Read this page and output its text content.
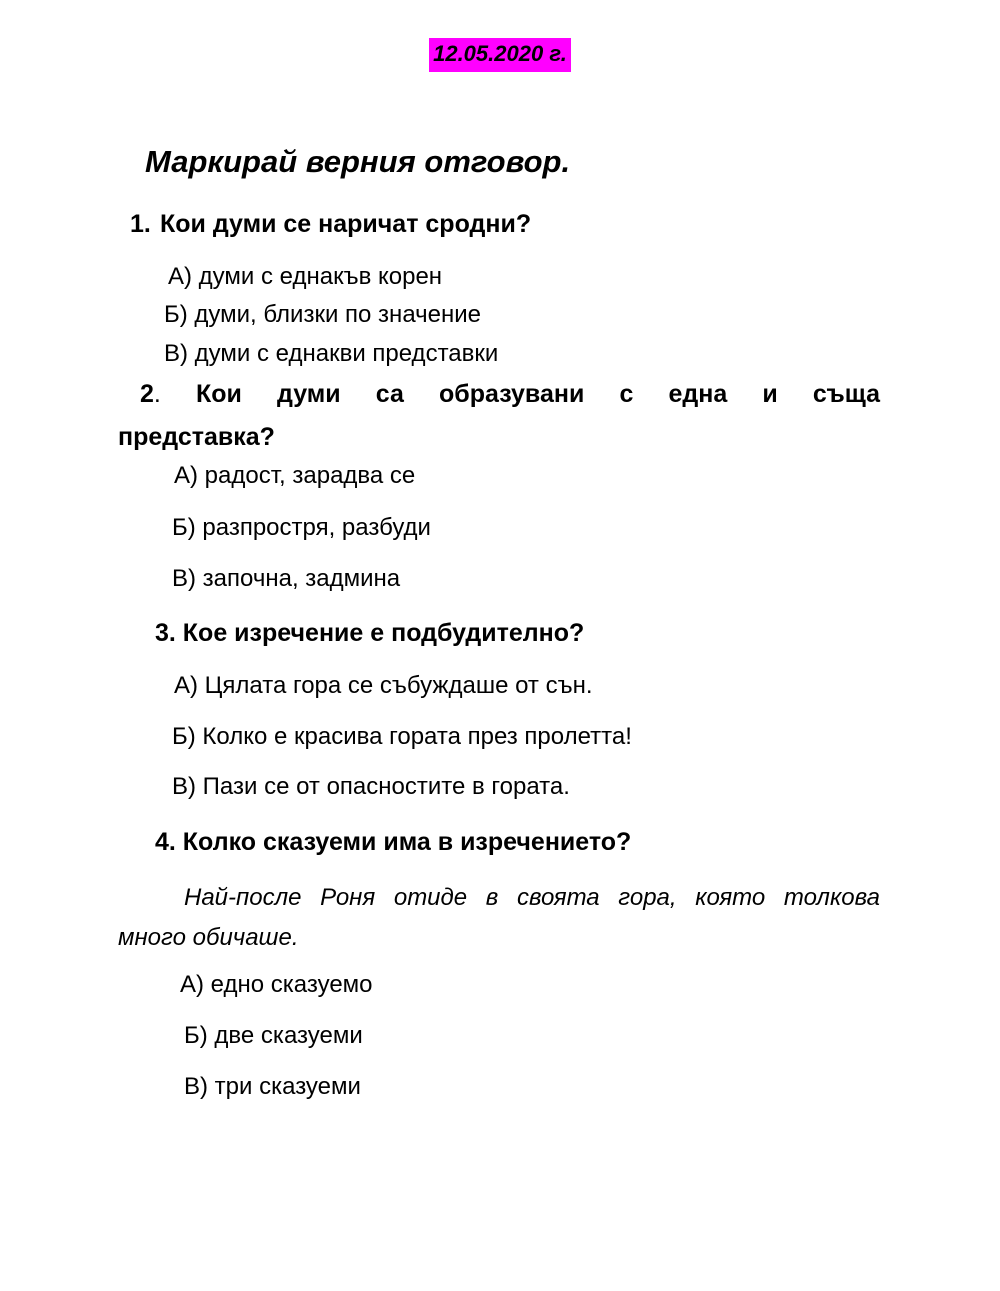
12.05.2020 г.
Маркирай верния отговор.
1. Кои думи се наричат сродни?
А) думи с еднакъв корен
Б) думи, близки по значение
В) думи с еднакви представки
2. Кои думи са образувани с една и съща
представка?
А) радост, зарадва се
Б) разпростря, разбуди
В) започна, задмина
3. Кое изречение е подбудително?
А) Цялата гора се събуждаше от сън.
Б) Колко е красива гората през пролетта!
В) Пази се от опасностите в гората.
4. Колко сказуеми има в изречението?
Най-после Роня отиде в своята гора, която толкова
много обичаше.
А) едно сказуемо
Б) две сказуеми
В) три сказуеми
